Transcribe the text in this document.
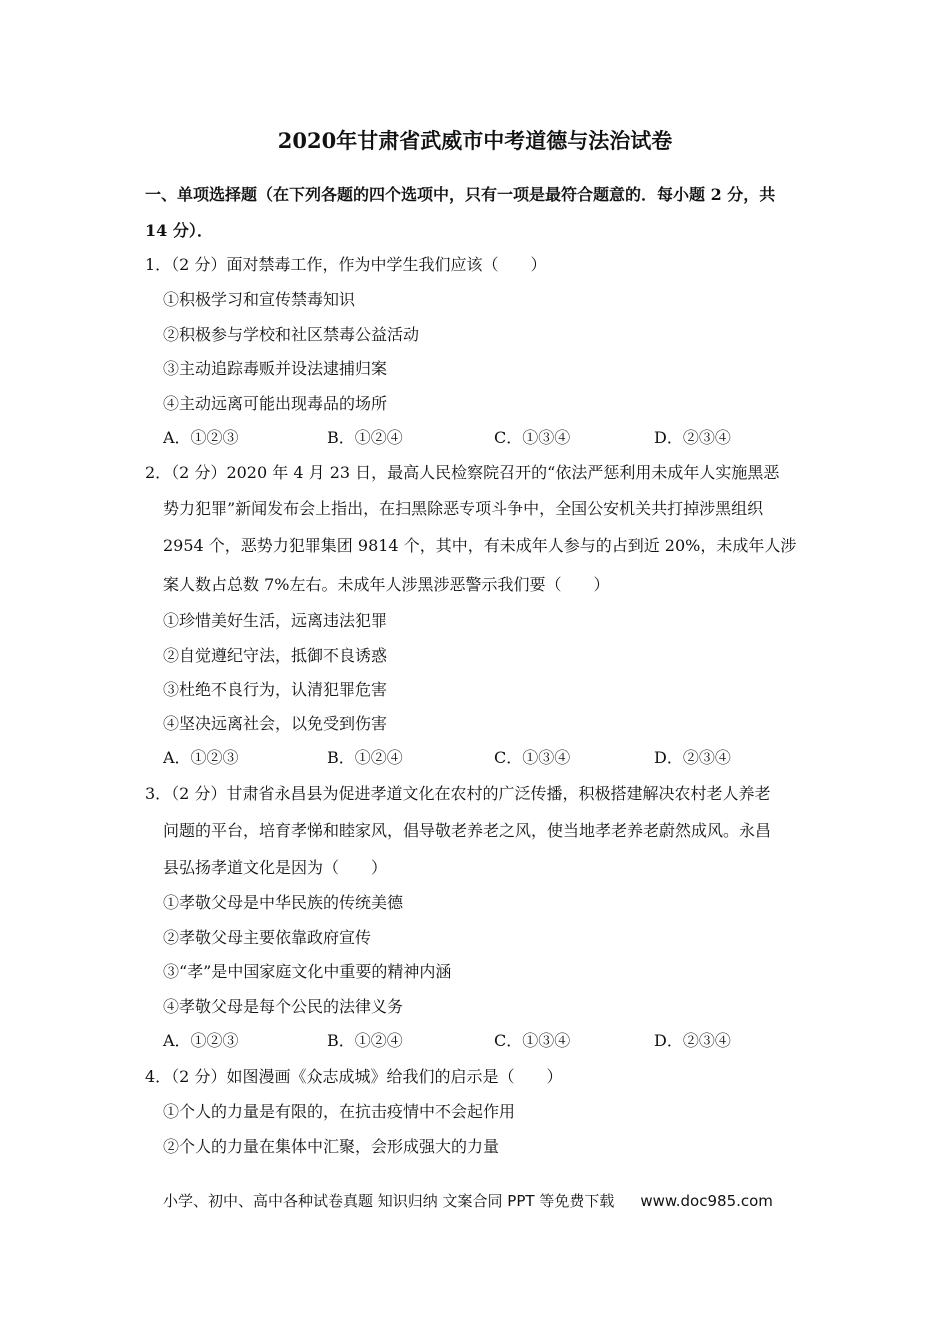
2020年甘肃省武威市中考道德与法治试卷
一、单项选择题（在下列各题的四个选项中，只有一项是最符合题意的．每小题 2 分，共
14 分）．
1．（2 分）面对禁毒工作，作为中学生我们应该（　　）
①积极学习和宣传禁毒知识
②积极参与学校和社区禁毒公益活动
③主动追踪毒贩并设法逮捕归案
④主动远离可能出现毒品的场所
A．①②③	B．①②④	C．①③④	D．②③④
2．（2 分）2020 年 4 月 23 日，最高人民检察院召开的“依法严惩利用未成年人实施黑恶
势力犯罪”新闻发布会上指出，在扫黑除恶专项斗争中，全国公安机关共打掉涉黑组织
2954 个，恶势力犯罪集团 9814 个，其中，有未成年人参与的占到近 20%，未成年人涉
案人数占总数 7%左右。未成年人涉黑涉恶警示我们要（　　）
①珍惜美好生活，远离违法犯罪
②自觉遵纪守法，抵御不良诱惑
③杜绝不良行为，认清犯罪危害
④坚决远离社会，以免受到伤害
A．①②③	B．①②④	C．①③④	D．②③④
3．（2 分）甘肃省永昌县为促进孝道文化在农村的广泛传播，积极搭建解决农村老人养老
问题的平台，培育孝悌和睦家风，倡导敬老养老之风，使当地孝老养老蔚然成风。永昌
县弘扬孝道文化是因为（　　）
①孝敬父母是中华民族的传统美德
②孝敬父母主要依靠政府宣传
③“孝”是中国家庭文化中重要的精神内涵
④孝敬父母是每个公民的法律义务
A．①②③	B．①②④	C．①③④	D．②③④
4．（2 分）如图漫画《众志成城》给我们的启示是（　　）
①个人的力量是有限的，在抗击疫情中不会起作用
②个人的力量在集体中汇聚，会形成强大的力量
小学、初中、高中各种试卷真题 知识归纳 文案合同 PPT 等免费下载 www.doc985.com
